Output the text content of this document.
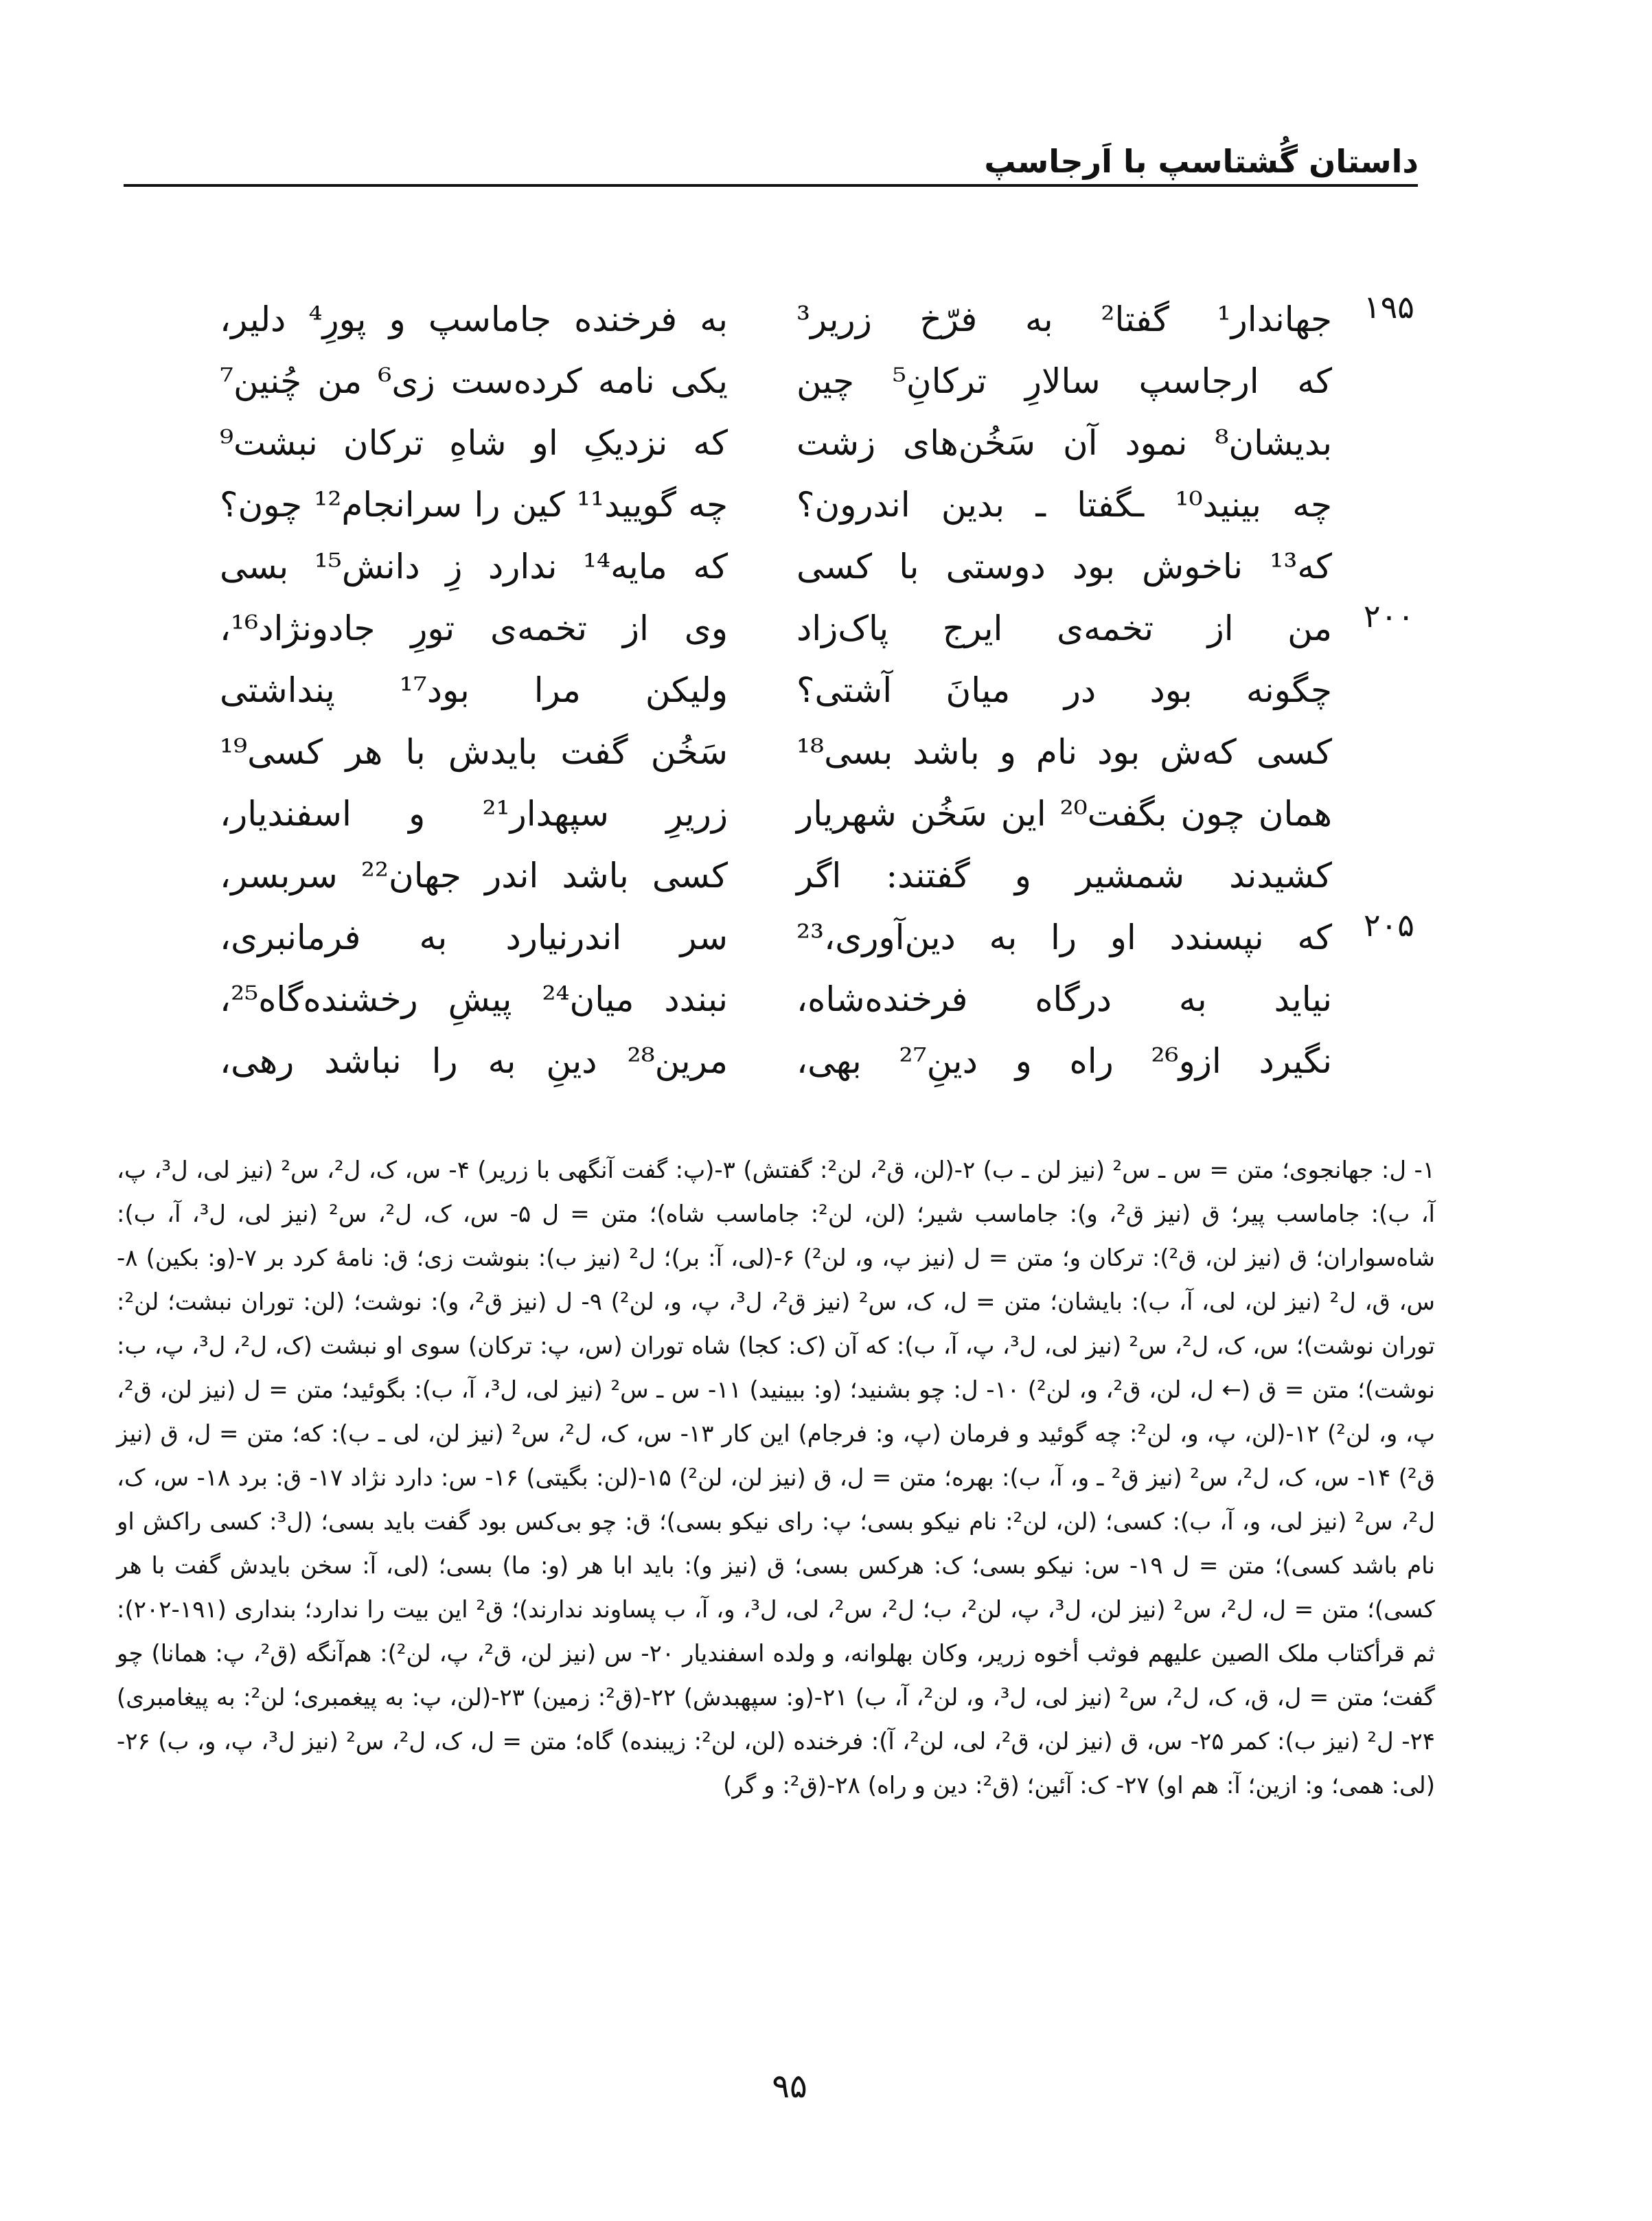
داستان گُشتاسپ با اَرجاسپ
۱۹۵
جهاندار¹ گفتا² به فرّخ زریر³
به فرخنده جاماسپ و پورِ⁴ دلیر،
که ارجاسپ سالارِ ترکانِ⁵ چین
یکی نامه کرده‌ست زی⁶ من چُنین⁷
بدیشان⁸ نمود آن سَخُن‌های زشت
که نزدیکِ او شاهِ ترکان نبشت⁹
چه بینید¹⁰ ـگفتا ـ بدین اندرون؟
چه گویید¹¹ کین را سرانجام¹² چون؟
که¹³ ناخوش بود دوستی با کسی
که مایه¹⁴ ندارد زِ دانش¹⁵ بسی
۲۰۰
من از تخمه‌ی ایرج پاک‌زاد
وی از تخمه‌ی تورِ جادونژاد¹⁶،
چگونه بود در میانَ آشتی؟
ولیکن مرا بود¹⁷ پنداشتی
کسی که‌ش بود نام و باشد بسی¹⁸
سَخُن گفت بایدش با هر کسی¹⁹
همان چون بگفت²⁰ این سَخُن شهریار
زریرِ سپهدار²¹ و اسفندیار،
کشیدند شمشیر و گفتند: اگر
کسی باشد اندر جهان²² سربسر،
۲۰۵
که نپسندد او را به دین‌آوری،²³
سر اندرنیارد به فرمانبری،
نیاید به درگاه فرخنده‌شاه،
نبندد میان²⁴ پیشِ رخشنده‌گاه²⁵،
نگیرد ازو²⁶ راه و دینِ²⁷ بهی،
مرین²⁸ دینِ به را نباشد رهی،
۱- ل: جهانجوی؛ متن = س ـ س² (نیز لن ـ ب) ۲-(لن، ق²، لن²: گفتش) ۳-(پ: گفت آنگهی با زریر) ۴- س، ک، ل²، س² (نیز لی، ل³، پ، آ، ب): جاماسب پیر؛ ق (نیز ق²، و): جاماسب شیر؛ (لن، لن²: جاماسب شاه)؛ متن = ل ۵- س، ک، ل²، س² (نیز لی، ل³، آ، ب): شاه‌سواران؛ ق (نیز لن، ق²): ترکان و؛ متن = ل (نیز پ، و، لن²) ۶-(لی، آ: بر)؛ ل² (نیز ب): بنوشت زی؛ ق: نامهٔ کرد بر ۷-(و: بکین) ۸- س، ق، ل² (نیز لن، لی، آ، ب): بایشان؛ متن = ل، ک، س² (نیز ق²، ل³، پ، و، لن²) ۹- ل (نیز ق²، و): نوشت؛ (لن: توران نبشت؛ لن²: توران نوشت)؛ س، ک، ل²، س² (نیز لی، ل³، پ، آ، ب): که آن (ک: کجا) شاه توران (س، پ: ترکان) سوی او نبشت (ک، ل²، ل³، پ، ب: نوشت)؛ متن = ق (← ل، لن، ق²، و، لن²) ۱۰- ل: چو بشنید؛ (و: ببینید) ۱۱- س ـ س² (نیز لی، ل³، آ، ب): بگوئید؛ متن = ل (نیز لن، ق²، پ، و، لن²) ۱۲-(لن، پ، و، لن²: چه گوئید و فرمان (پ، و: فرجام) این کار ۱۳- س، ک، ل²، س² (نیز لن، لی ـ ب): که؛ متن = ل، ق (نیز ق²) ۱۴- س، ک، ل²، س² (نیز ق² ـ و، آ، ب): بهره؛ متن = ل، ق (نیز لن، لن²) ۱۵-(لن: بگیتی) ۱۶- س: دارد نژاد ۱۷- ق: برد ۱۸- س، ک، ل²، س² (نیز لی، و، آ، ب): کسی؛ (لن، لن²: نام نیکو بسی؛ پ: رای نیکو بسی)؛ ق: چو بی‌کس بود گفت باید بسی؛ (ل³: کسی راکش او نام باشد کسی)؛ متن = ل ۱۹- س: نیکو بسی؛ ک: هرکس بسی؛ ق (نیز و): باید ابا هر (و: ما) بسی؛ (لی، آ: سخن بایدش گفت با هر کسی)؛ متن = ل، ل²، س² (نیز لن، ل³، پ، لن²، ب؛ ل²، س²، لی، ل³، و، آ، ب پساوند ندارند)؛ ق² این بیت را ندارد؛ بنداری (۱۹۱-۲۰۲): ثم قرأکتاب ملک الصین علیهم فوثب أخوه زریر، وکان بهلوانه، و ولده اسفندیار ۲۰- س (نیز لن، ق²، پ، لن²): هم‌آنگه (ق²، پ: همانا) چو گفت؛ متن = ل، ق، ک، ل²، س² (نیز لی، ل³، و، لن²، آ، ب) ۲۱-(و: سپهبدش) ۲۲-(ق²: زمین) ۲۳-(لن، پ: به پیغمبری؛ لن²: به پیغامبری) ۲۴- ل² (نیز ب): کمر ۲۵- س، ق (نیز لن، ق²، لی، لن²، آ): فرخنده (لن، لن²: زیبنده) گاه؛ متن = ل، ک، ل²، س² (نیز ل³، پ، و، ب) ۲۶-(لی: همی؛ و: ازین؛ آ: هم او) ۲۷- ک: آئین؛ (ق²: دین و راه) ۲۸-(ق²: و گر)
۹۵
